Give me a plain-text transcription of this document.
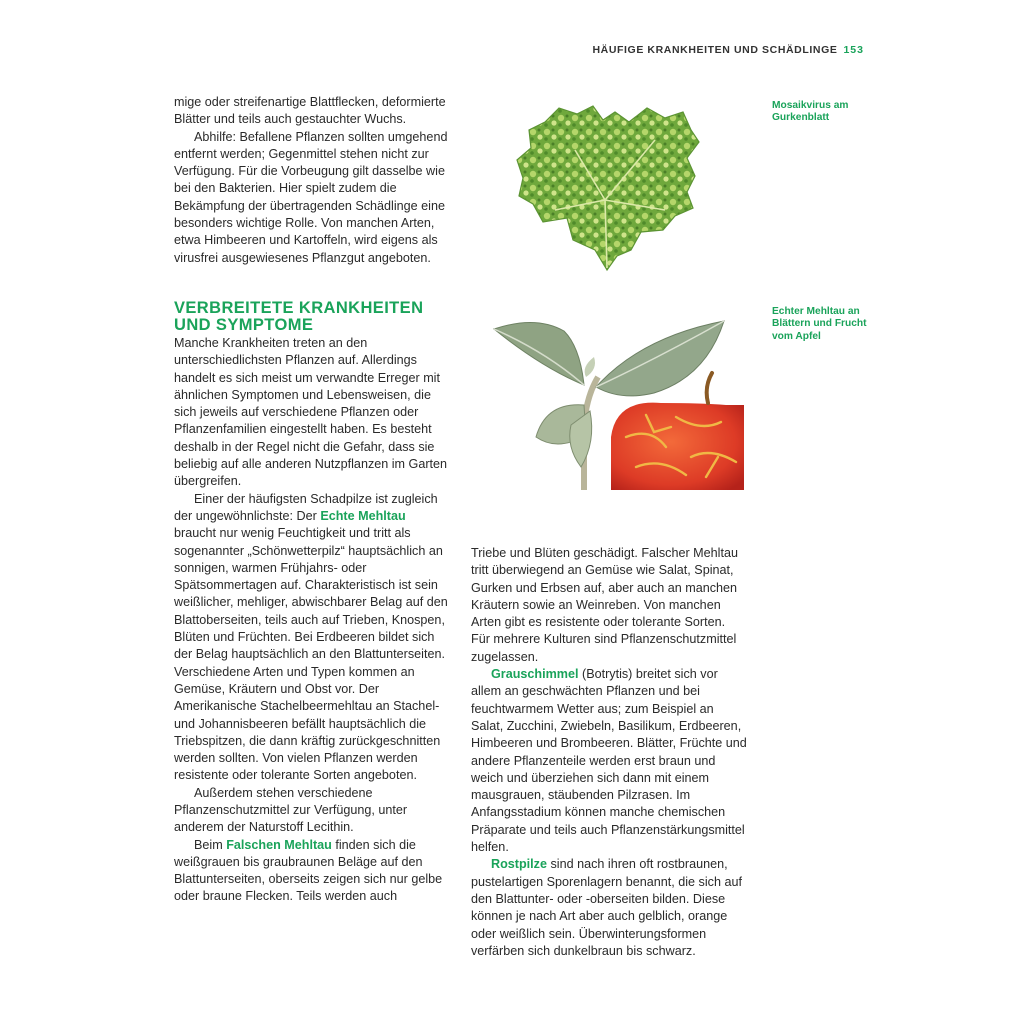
HÄUFIGE KRANKHEITEN UND SCHÄDLINGE 153

mige oder streifenartige Blattflecken, deformierte Blätter und teils auch gestauchter Wuchs.

Abhilfe: Befallene Pflanzen sollten umgehend entfernt werden; Gegenmittel stehen nicht zur Verfügung. Für die Vorbeugung gilt dasselbe wie bei den Bakterien. Hier spielt zudem die Bekämpfung der übertragenden Schädlinge eine besonders wichtige Rolle. Von manchen Arten, etwa Himbeeren und Kartoffeln, wird eigens als virusfrei ausgewiesenes Pflanzgut angeboten.

VERBREITETE KRANKHEITEN UND SYMPTOME

Manche Krankheiten treten an den unterschiedlichsten Pflanzen auf. Allerdings handelt es sich meist um verwandte Erreger mit ähnlichen Symptomen und Lebensweisen, die sich jeweils auf verschiedene Pflanzen oder Pflanzenfamilien eingestellt haben. Es besteht deshalb in der Regel nicht die Gefahr, dass sie beliebig auf alle anderen Nutzpflanzen im Garten übergreifen.

Einer der häufigsten Schadpilze ist zugleich der ungewöhnlichste: Der Echte Mehltau braucht nur wenig Feuchtigkeit und tritt als sogenannter „Schönwetterpilz“ hauptsächlich an sonnigen, warmen Frühjahrs- oder Spätsommertagen auf. Charakteristisch ist sein weißlicher, mehliger, abwischbarer Belag auf den Blattoberseiten, teils auch auf Trieben, Knospen, Blüten und Früchten. Bei Erdbeeren bildet sich der Belag hauptsächlich an den Blattunterseiten. Verschiedene Arten und Typen kommen an Gemüse, Kräutern und Obst vor. Der Amerikanische Stachelbeermehltau an Stachel- und Johannisbeeren befällt hauptsächlich die Triebspitzen, die dann kräftig zurückgeschnitten werden sollten. Von vielen Pflanzen werden resistente oder tolerante Sorten angeboten.

Außerdem stehen verschiedene Pflanzenschutzmittel zur Verfügung, unter anderem der Naturstoff Lecithin.

Beim Falschen Mehltau finden sich die weißgrauen bis graubraunen Beläge auf den Blattunterseiten, oberseits zeigen sich nur gelbe oder braune Flecken. Teils werden auch

Triebe und Blüten geschädigt. Falscher Mehltau tritt überwiegend an Gemüse wie Salat, Spinat, Gurken und Erbsen auf, aber auch an manchen Kräutern sowie an Weinreben. Von manchen Arten gibt es resistente oder tolerante Sorten. Für mehrere Kulturen sind Pflanzenschutzmittel zugelassen.

Grauschimmel (Botrytis) breitet sich vor allem an geschwächten Pflanzen und bei feuchtwarmem Wetter aus; zum Beispiel an Salat, Zucchini, Zwiebeln, Basilikum, Erdbeeren, Himbeeren und Brombeeren. Blätter, Früchte und andere Pflanzenteile werden erst braun und weich und überziehen sich dann mit einem mausgrauen, stäubenden Pilzrasen. Im Anfangsstadium können manche chemischen Präparate und teils auch Pflanzenstärkungsmittel helfen.

Rostpilze sind nach ihren oft rostbraunen, pustelartigen Sporenlagern benannt, die sich auf den Blattunter- oder -oberseiten bilden. Diese können je nach Art aber auch gelblich, orange oder weißlich sein. Überwinterungsformen verfärben sich dunkelbraun bis schwarz.

Mosaikvirus am Gurkenblatt
Echter Mehltau an Blättern und Frucht vom Apfel
